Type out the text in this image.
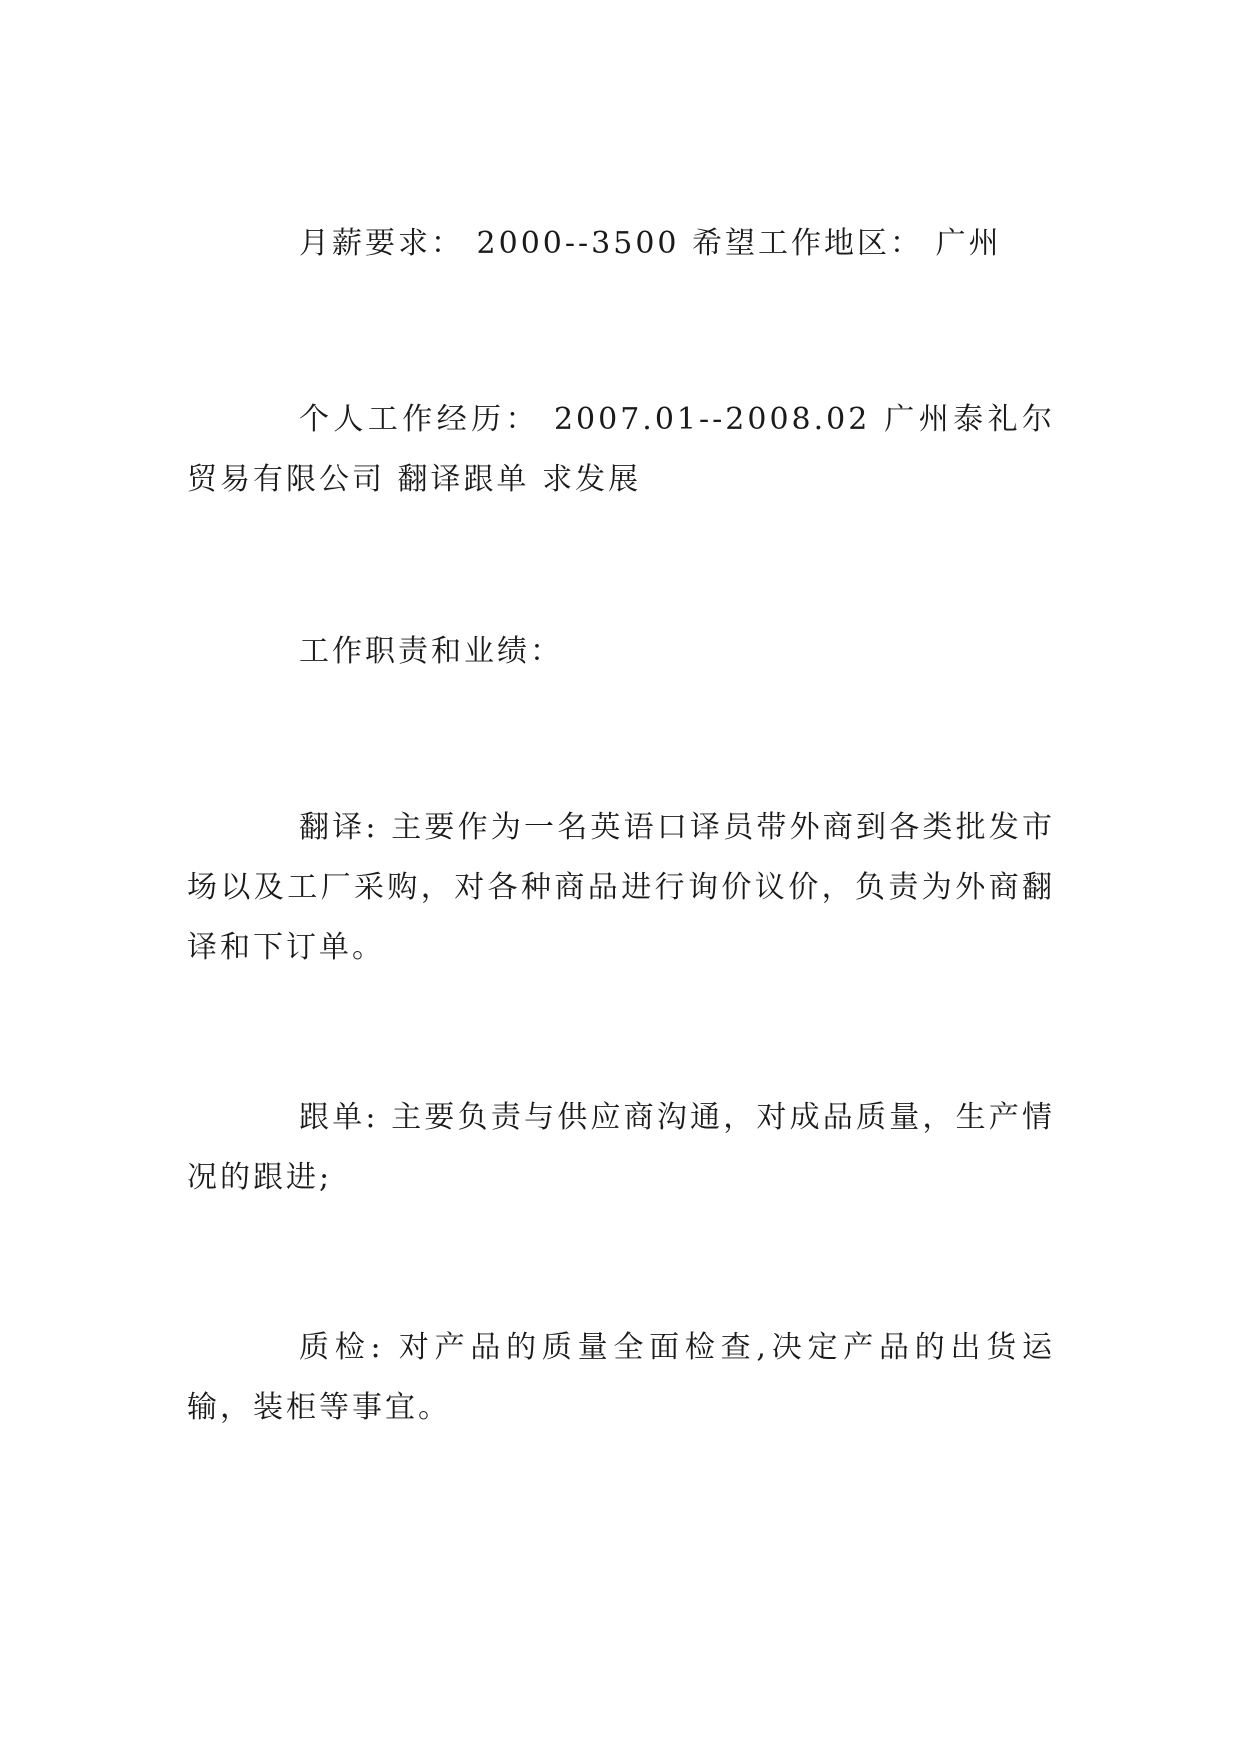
月薪要求： 2000--3500 希望工作地区： 广州

个人工作经历： 2007.01--2008.02 广州泰礼尔贸易有限公司 翻译跟单 求发展

工作职责和业绩：

翻译: 主要作为一名英语口译员带外商到各类批发市场以及工厂采购，对各种商品进行询价议价，负责为外商翻译和下订单。

跟单: 主要负责与供应商沟通，对成品质量，生产情况的跟进;

质检: 对产品的质量全面检查,决定产品的出货运输，装柜等事宜。
